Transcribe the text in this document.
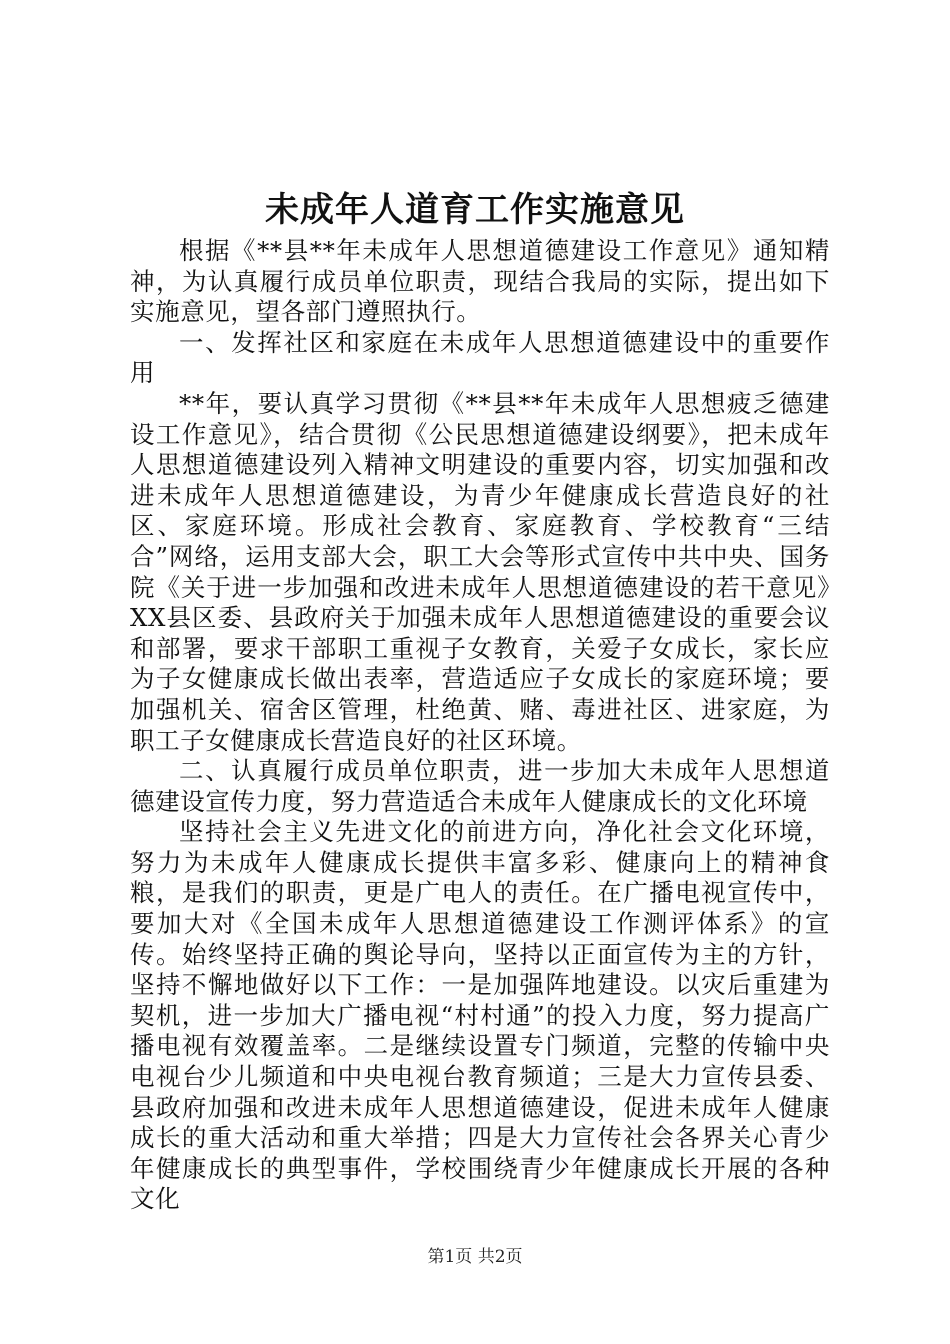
未成年人道育工作实施意见

根据《**县**年未成年人思想道德建设工作意见》通知精神，为认真履行成员单位职责，现结合我局的实际，提出如下实施意见，望各部门遵照执行。

一、发挥社区和家庭在未成年人思想道德建设中的重要作用

**年，要认真学习贯彻《**县**年未成年人思想疲乏德建设工作意见》，结合贯彻《公民思想道德建设纲要》，把未成年人思想道德建设列入精神文明建设的重要内容，切实加强和改进未成年人思想道德建设，为青少年健康成长营造良好的社区、家庭环境。形成社会教育、家庭教育、学校教育“三结合”网络，运用支部大会，职工大会等形式宣传中共中央、国务院《关于进一步加强和改进未成年人思想道德建设的若干意见》XX县区委、县政府关于加强未成年人思想道德建设的重要会议和部署，要求干部职工重视子女教育，关爱子女成长，家长应为子女健康成长做出表率，营造适应子女成长的家庭环境；要加强机关、宿舍区管理，杜绝黄、赌、毒进社区、进家庭，为职工子女健康成长营造良好的社区环境。

二、认真履行成员单位职责，进一步加大未成年人思想道德建设宣传力度，努力营造适合未成年人健康成长的文化环境

坚持社会主义先进文化的前进方向，净化社会文化环境，努力为未成年人健康成长提供丰富多彩、健康向上的精神食粮，是我们的职责，更是广电人的责任。在广播电视宣传中，要加大对《全国未成年人思想道德建设工作测评体系》的宣传。始终坚持正确的舆论导向，坚持以正面宣传为主的方针，坚持不懈地做好以下工作：一是加强阵地建设。以灾后重建为契机，进一步加大广播电视“村村通”的投入力度，努力提高广播电视有效覆盖率。二是继续设置专门频道，完整的传输中央电视台少儿频道和中央电视台教育频道；三是大力宣传县委、县政府加强和改进未成年人思想道德建设，促进未成年人健康成长的重大活动和重大举措；四是大力宣传社会各界关心青少年健康成长的典型事件，学校围绕青少年健康成长开展的各种文化

第1页 共2页
